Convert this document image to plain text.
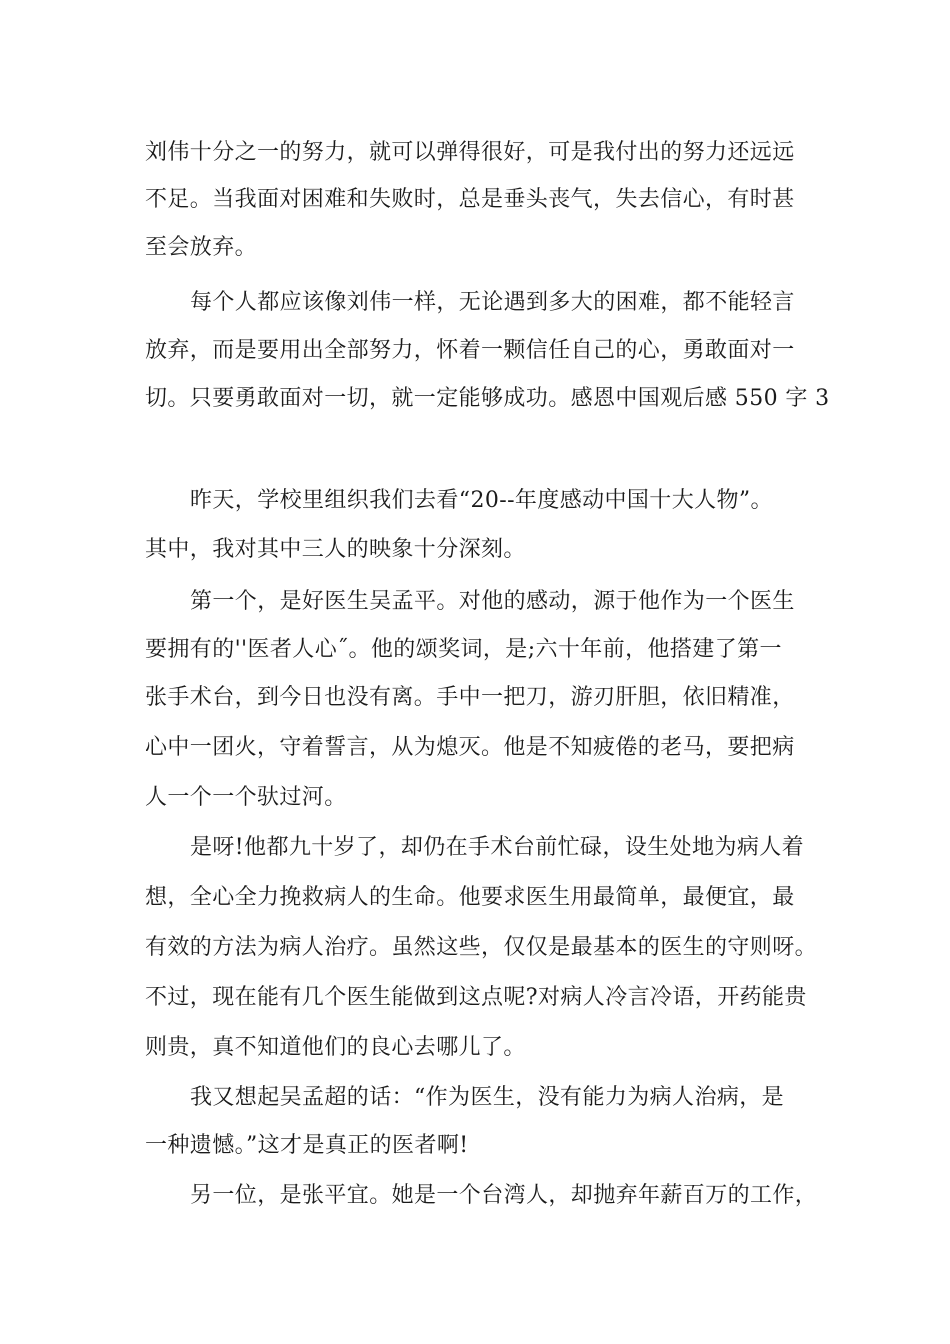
刘伟十分之一的努力，就可以弹得很好，可是我付出的努力还远远
不足。当我面对困难和失败时，总是垂头丧气，失去信心，有时甚
至会放弃。
每个人都应该像刘伟一样，无论遇到多大的困难，都不能轻言
放弃，而是要用出全部努力，怀着一颗信任自己的心，勇敢面对一
切。只要勇敢面对一切，就一定能够成功。感恩中国观后感 550 字 3
昨天，学校里组织我们去看“20--年度感动中国十大人物”。
其中，我对其中三人的映象十分深刻。
第一个，是好医生吴孟平。对他的感动，源于他作为一个医生
要拥有的''医者人心˝。他的颂奖词，是;六十年前，他搭建了第一
张手术台，到今日也没有离。手中一把刀，游刃肝胆，依旧精准，
心中一团火，守着誓言，从为熄灭。他是不知疲倦的老马，要把病
人一个一个驮过河。
是呀!他都九十岁了，却仍在手术台前忙碌，设生处地为病人着
想，全心全力挽救病人的生命。他要求医生用最简单，最便宜，最
有效的方法为病人治疗。虽然这些，仅仅是最基本的医生的守则呀。
不过，现在能有几个医生能做到这点呢?对病人冷言冷语，开药能贵
则贵，真不知道他们的良心去哪儿了。
我又想起吴孟超的话：“作为医生，没有能力为病人治病，是
一种遗憾。”这才是真正的医者啊!
另一位，是张平宜。她是一个台湾人，却抛弃年薪百万的工作，
